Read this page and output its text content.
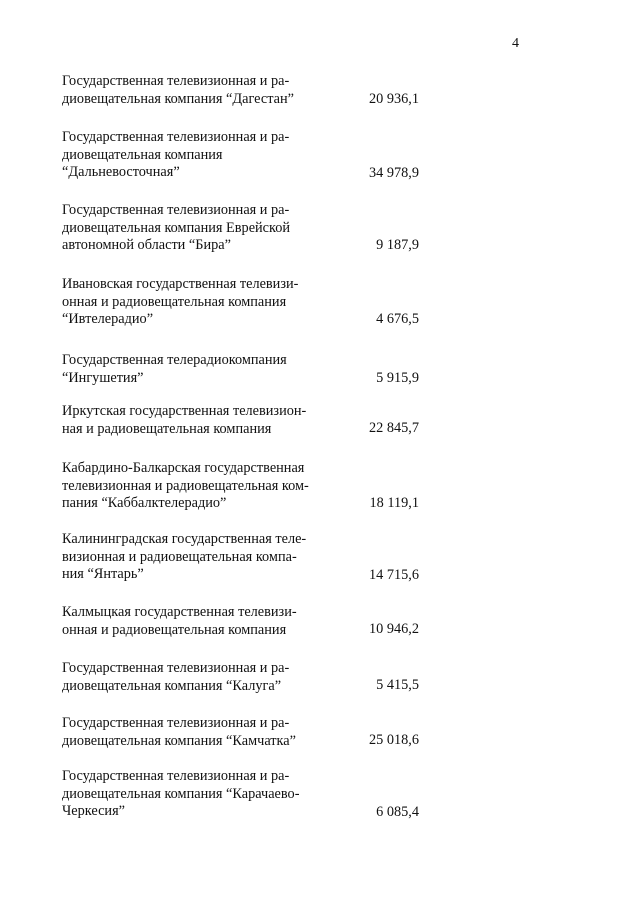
4
Государственная телевизионная и ра-
диовещательная компания “Дагестан”	20 936,1
Государственная телевизионная и ра-
диовещательная компания
“Дальневосточная”	34 978,9
Государственная телевизионная и ра-
диовещательная компания Еврейской
автономной области “Бира”	9 187,9
Ивановская государственная телевизи-
онная и радиовещательная компания
“Ивтелерадио”	4 676,5
Государственная телерадиокомпания
“Ингушетия”	5 915,9
Иркутская государственная телевизион-
ная и радиовещательная компания	22 845,7
Кабардино-Балкарская государственная
телевизионная и радиовещательная ком-
пания “Каббалктелерадио”	18 119,1
Калининградская государственная теле-
визионная и радиовещательная компа-
ния “Янтарь”	14 715,6
Калмыцкая государственная телевизи-
онная и радиовещательная компания	10 946,2
Государственная телевизионная и ра-
диовещательная компания “Калуга”	5 415,5
Государственная телевизионная и ра-
диовещательная компания “Камчатка”	25 018,6
Государственная телевизионная и ра-
диовещательная компания “Карачаево-
Черкесия”	6 085,4
